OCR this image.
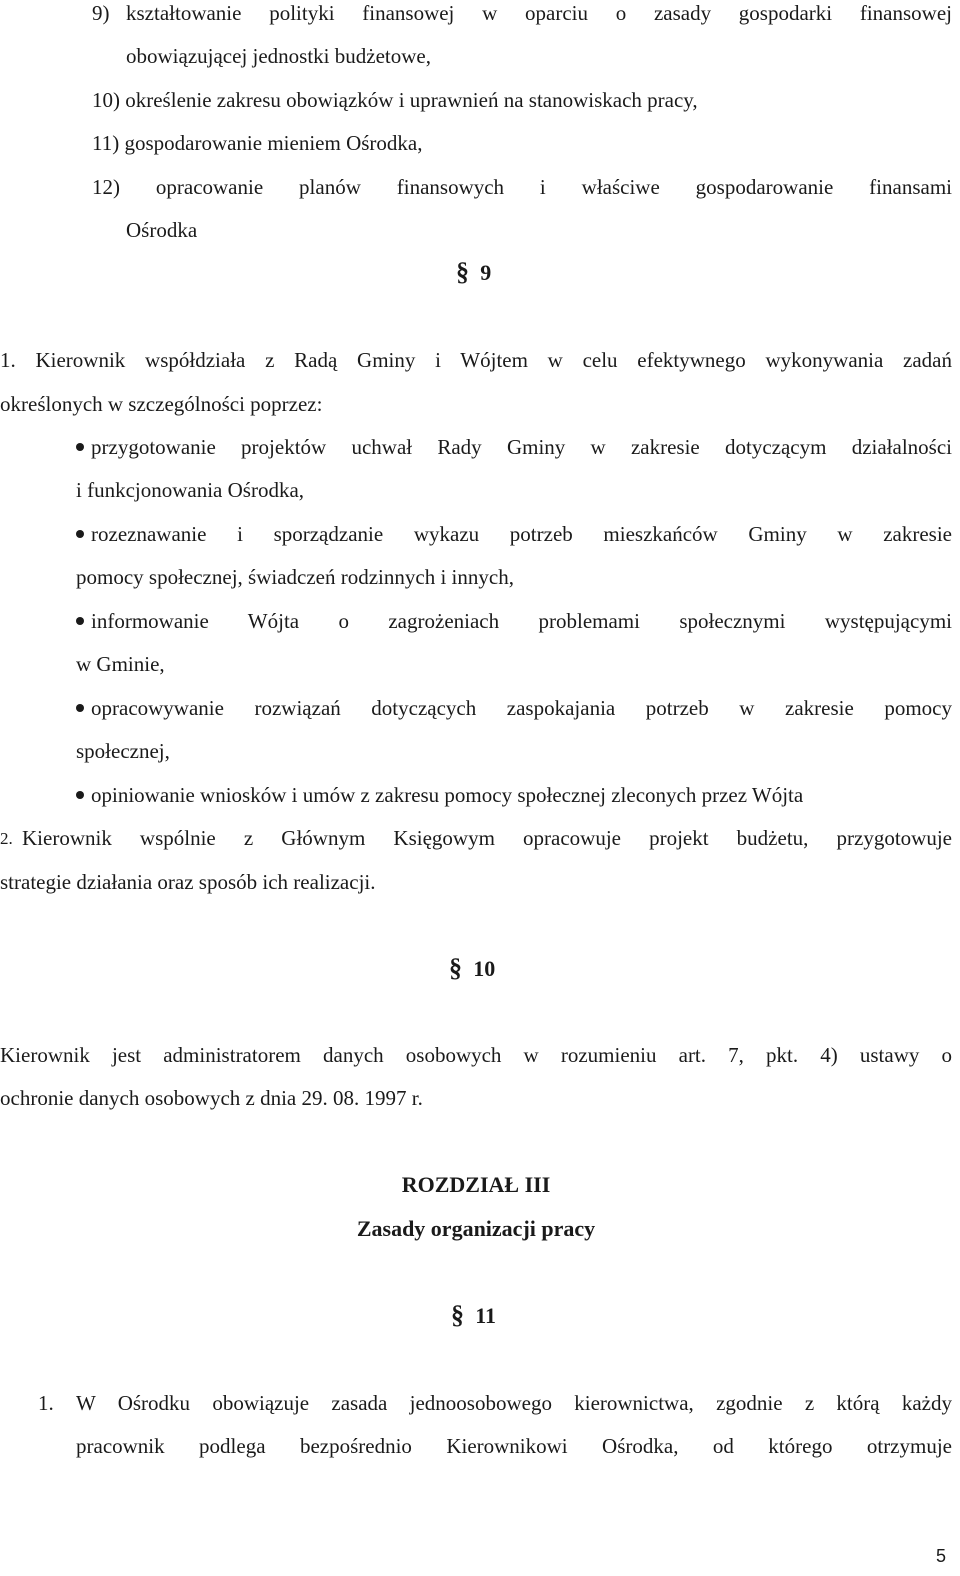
9) kształtowanie polityki finansowej w oparciu o zasady gospodarki finansowej
obowiązującej jednostki budżetowe,
10) określenie zakresu obowiązków i uprawnień na stanowiskach pracy,
11) gospodarowanie mieniem Ośrodka,
12) opracowanie planów finansowych i właściwe gospodarowanie finansami
Ośrodka
§ 9
1. Kierownik współdziała z Radą Gminy i Wójtem w celu efektywnego wykonywania zadań
określonych w szczególności poprzez:
przygotowanie projektów uchwał Rady Gminy w zakresie dotyczącym działalności
i funkcjonowania Ośrodka,
rozeznawanie i sporządzanie wykazu potrzeb mieszkańców Gminy w zakresie
pomocy społecznej, świadczeń rodzinnych i innych,
informowanie Wójta o zagrożeniach problemami społecznymi występującymi
w Gminie,
opracowywanie rozwiązań dotyczących zaspokajania potrzeb w zakresie pomocy
społecznej,
opiniowanie wniosków i umów z zakresu pomocy społecznej zleconych przez Wójta
2. Kierownik wspólnie z Głównym Księgowym opracowuje projekt budżetu, przygotowuje
strategie działania oraz sposób ich realizacji.
§ 10
Kierownik jest administratorem danych osobowych w rozumieniu art. 7, pkt. 4) ustawy o
ochronie danych osobowych z dnia 29. 08. 1997 r.
ROZDZIAŁ III
Zasady organizacji pracy
§ 11
1. W Ośrodku obowiązuje zasada jednoosobowego kierownictwa, zgodnie z którą każdy
pracownik podlega bezpośrednio Kierownikowi Ośrodka, od którego otrzymuje
5
